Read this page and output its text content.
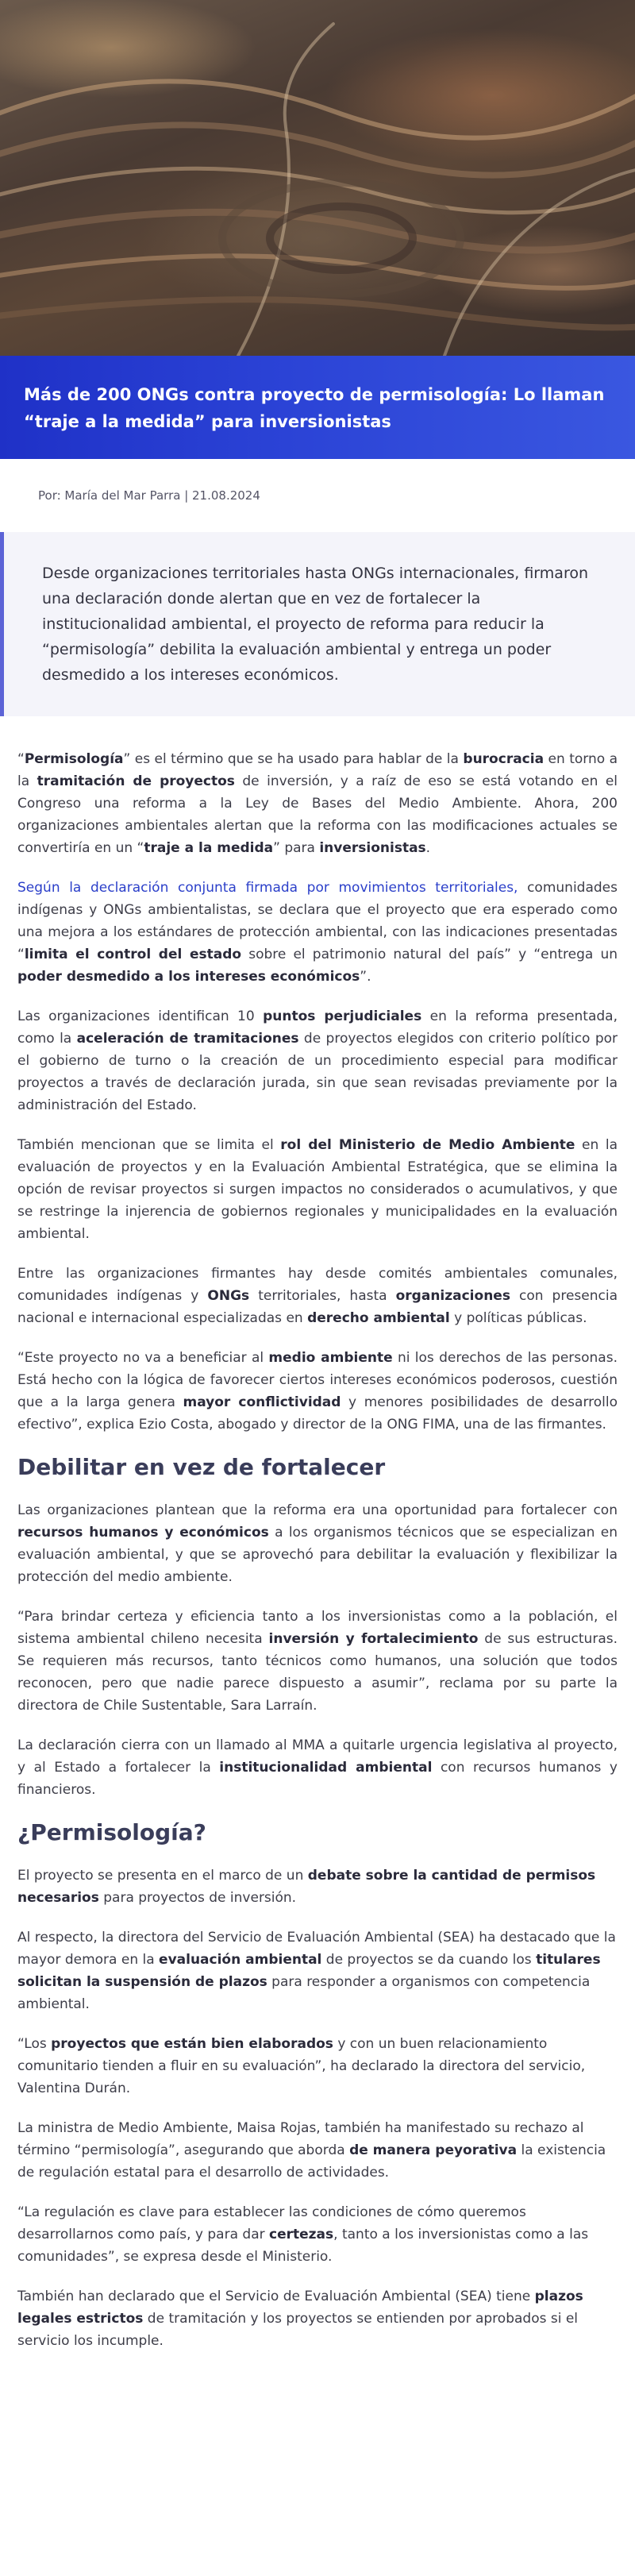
Más de 200 ONGs contra proyecto de permisología: Lo llaman “traje a la medida” para inversionistas
Por: María del Mar Parra | 21.08.2024
Desde organizaciones territoriales hasta ONGs internacionales, firmaron una declaración donde alertan que en vez de fortalecer la institucionalidad ambiental, el proyecto de reforma para reducir la “permisología” debilita la evaluación ambiental y entrega un poder desmedido a los intereses económicos.

“Permisología” es el término que se ha usado para hablar de la burocracia en torno a la tramitación de proyectos de inversión, y a raíz de eso se está votando en el Congreso una reforma a la Ley de Bases del Medio Ambiente. Ahora, 200 organizaciones ambientales alertan que la reforma con las modificaciones actuales se convertiría en un “traje a la medida” para inversionistas.

Según la declaración conjunta firmada por movimientos territoriales, comunidades indígenas y ONGs ambientalistas, se declara que el proyecto que era esperado como una mejora a los estándares de protección ambiental, con las indicaciones presentadas “limita el control del estado sobre el patrimonio natural del país” y “entrega un poder desmedido a los intereses económicos”.

Las organizaciones identifican 10 puntos perjudiciales en la reforma presentada, como la aceleración de tramitaciones de proyectos elegidos con criterio político por el gobierno de turno o la creación de un procedimiento especial para modificar proyectos a través de declaración jurada, sin que sean revisadas previamente por la administración del Estado.

También mencionan que se limita el rol del Ministerio de Medio Ambiente en la evaluación de proyectos y en la Evaluación Ambiental Estratégica, que se elimina la opción de revisar proyectos si surgen impactos no considerados o acumulativos, y que se restringe la injerencia de gobiernos regionales y municipalidades en la evaluación ambiental.

Entre las organizaciones firmantes hay desde comités ambientales comunales, comunidades indígenas y ONGs territoriales, hasta organizaciones con presencia nacional e internacional especializadas en derecho ambiental y políticas públicas.

“Este proyecto no va a beneficiar al medio ambiente ni los derechos de las personas. Está hecho con la lógica de favorecer ciertos intereses económicos poderosos, cuestión que a la larga genera mayor conflictividad y menores posibilidades de desarrollo efectivo”, explica Ezio Costa, abogado y director de la ONG FIMA, una de las firmantes.

Debilitar en vez de fortalecer

Las organizaciones plantean que la reforma era una oportunidad para fortalecer con recursos humanos y económicos a los organismos técnicos que se especializan en evaluación ambiental, y que se aprovechó para debilitar la evaluación y flexibilizar la protección del medio ambiente.

“Para brindar certeza y eficiencia tanto a los inversionistas como a la población, el sistema ambiental chileno necesita inversión y fortalecimiento de sus estructuras. Se requieren más recursos, tanto técnicos como humanos, una solución que todos reconocen, pero que nadie parece dispuesto a asumir”, reclama por su parte la directora de Chile Sustentable, Sara Larraín.

La declaración cierra con un llamado al MMA a quitarle urgencia legislativa al proyecto, y al Estado a fortalecer la institucionalidad ambiental con recursos humanos y financieros.

¿Permisología?

El proyecto se presenta en el marco de un debate sobre la cantidad de permisos necesarios para proyectos de inversión.

Al respecto, la directora del Servicio de Evaluación Ambiental (SEA) ha destacado que la mayor demora en la evaluación ambiental de proyectos se da cuando los titulares solicitan la suspensión de plazos para responder a organismos con competencia ambiental.

“Los proyectos que están bien elaborados y con un buen relacionamiento comunitario tienden a fluir en su evaluación”, ha declarado la directora del servicio, Valentina Durán.

La ministra de Medio Ambiente, Maisa Rojas, también ha manifestado su rechazo al término “permisología”, asegurando que aborda de manera peyorativa la existencia de regulación estatal para el desarrollo de actividades.

“La regulación es clave para establecer las condiciones de cómo queremos desarrollarnos como país, y para dar certezas, tanto a los inversionistas como a las comunidades”, se expresa desde el Ministerio.

También han declarado que el Servicio de Evaluación Ambiental (SEA) tiene plazos legales estrictos de tramitación y los proyectos se entienden por aprobados si el servicio los incumple.
